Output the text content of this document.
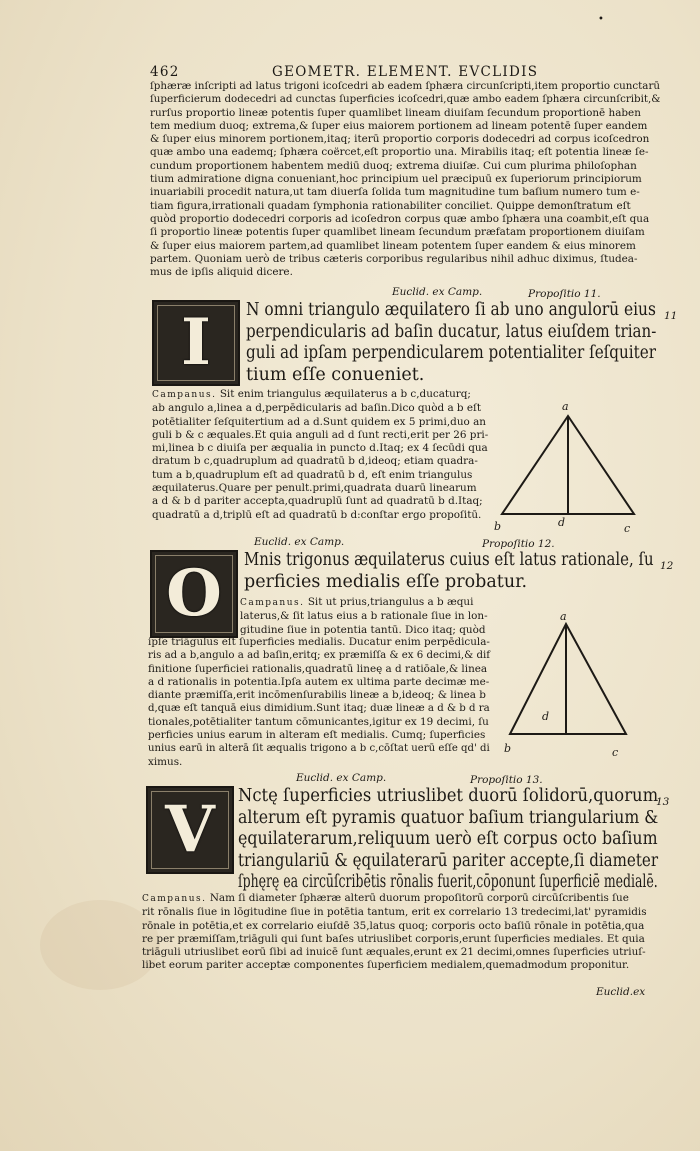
•
462	GEOMETR. ELEMENT. EVCLIDIS
ſphæræ inſcripti ad latus trigoni icoſcedri ab eadem ſphæra circunſcripti,item proportio cunctarū
ſuperficierum dodecedri ad cunctas ſuperficies icoſcedri,quæ ambo eadem ſphæra circunſcribit,&
rurſus proportio lineæ potentis ſuper quamlibet lineam diuiſam ſecundum proportionē haben
tem medium duoq; extrema,& ſuper eius maiorem portionem ad lineam potentē ſuper eandem
& ſuper eius minorem portionem,itaq; iterū proportio corporis dodecedri ad corpus icoſcedron
quæ ambo una eademq; ſphæra coërcet,eſt proportio una. Mirabilis itaq; eſt potentia lineæ ſe-
cundum proportionem habentem mediū duoq; extrema diuiſæ. Cui cum plurima philoſophan
tium admiratione digna conueniant,hoc principium uel præcipuū ex ſuperiorum principiorum
inuariabili procedit natura,ut tam diuerſa ſolida tum magnitudine tum baſium numero tum e-
tiam figura,irrationali quadam ſymphonia rationabiliter conciliet. Quippe demonſtratum eſt
quòd proportio dodecedri corporis ad icoſedron corpus quæ ambo ſphæra una coambit,eſt qua
ſi proportio lineæ potentis ſuper quamlibet lineam ſecundum præfatam proportionem diuiſam
& ſuper eius maiorem partem,ad quamlibet lineam potentem ſuper eandem & eius minorem
partem. Quoniam uerò de tribus cæteris corporibus regularibus nihil adhuc diximus, ſtudea-
mus de ipſis aliquid dicere.
Euclid. ex Camp.	Propoſitio 11.
I N omni triangulo æquilatero ſi ab uno angulorū eius
perpendicularis ad baſin ducatur, latus eiuſdem trian-
guli ad ipſam perpendicularem potentialiter ſeſquiter
tium eſſe conueniet.
11
Campanus. Sit enim triangulus æquilaterus a b c,ducaturq;
ab angulo a,linea a d,perpēdicularis ad baſin.Dico quòd a b eſt
potētialiter ſeſquitertium ad a d.Sunt quidem ex 5 primi,duo an
guli b & c æquales.Et quia anguli ad d ſunt recti,erit per 26 pri-
mi,linea b c diuiſa per æqualia in puncto d.Itaq; ex 4 ſecūdi qua
dratum b c,quadruplum ad quadratū b d,ideoq; etiam quadra-
tum a b,quadruplum eſt ad quadratū b d, eſt enim triangulus
æquilaterus.Quare per penult.primi,quadrata duarū linearum
a d & b d pariter accepta,quadruplū ſunt ad quadratū b d.Itaq;
quadratū a d,triplū eſt ad quadratū b d:conſtar ergo propoſitū.
a
b	d	c
Euclid. ex Camp.	Propoſitio 12.
O Mnis trigonus æquilaterus cuius eſt latus rationale, ſu
perficies medialis eſſe probatur.
12
Campanus. Sit ut prius,triangulus a b æqui
laterus,& ſit latus eius a b rationale ſiue in lon-
gitudine ſiue in potentia tantū. Dico itaq; quòd
ipſe triāgulus eſt ſuperficies medialis. Ducatur enim perpēdicula-
ris ad a b,angulo a ad baſin,eritq; ex præmiſſa & ex 6 decimi,& dif
finitione ſuperficiei rationalis,quadratū lineę a d ratiōale,& linea
a d rationalis in potentia.Ipſa autem ex ultima parte decimæ me-
diante præmiſſa,erit incōmenſurabilis lineæ a b,ideoq; & linea b
d,quæ eſt tanquā eius dimidium.Sunt itaq; duæ lineæ a d & b d ra
tionales,potētialiter tantum cōmunicantes,igitur ex 19 decimi, ſu
perficies unius earum in alteram eſt medialis. Cumq; ſuperficies
unius earū in alterā ſit æqualis trigono a b c,cōſtat uerū eſſe qd' di
ximus.
a
b
d
c
Euclid. ex Camp.	Propoſitio 13.
V Nctę ſuperficies utriuslibet duorū ſolidorū,quorum
alterum eſt pyramis quatuor baſium triangularium &
ęquilaterarum,reliquum uerò eſt corpus octo baſium
triangulariū & ęquilaterarū pariter accepte,ſi diameter
ſphęrę ea circūſcribētis rōnalis fuerit,cōponunt ſuperficiē medialē.
13
Campanus. Nam ſi diameter ſphæræ alterū duorum propoſitorū corporū circūſcribentis ſue
rit rōnalis ſiue in lōgitudine ſiue in potētia tantum, erit ex correlario 13 tredecimi,lat' pyramidis
rōnale in potētia,et ex correlario eiuſdē 35,latus quoq; corporis octo baſiū rōnale in potētia,qua
re per præmiſſam,triāguli qui ſunt baſes utriuslibet corporis,erunt ſuperficies mediales. Et quia
triāguli utriuslibet eorū ſibi ad inuicē ſunt æquales,erunt ex 21 decimi,omnes ſuperficies utriuſ-
libet eorum pariter acceptæ componentes ſuperficiem medialem,quemadmodum proponitur.
Euclid.ex
